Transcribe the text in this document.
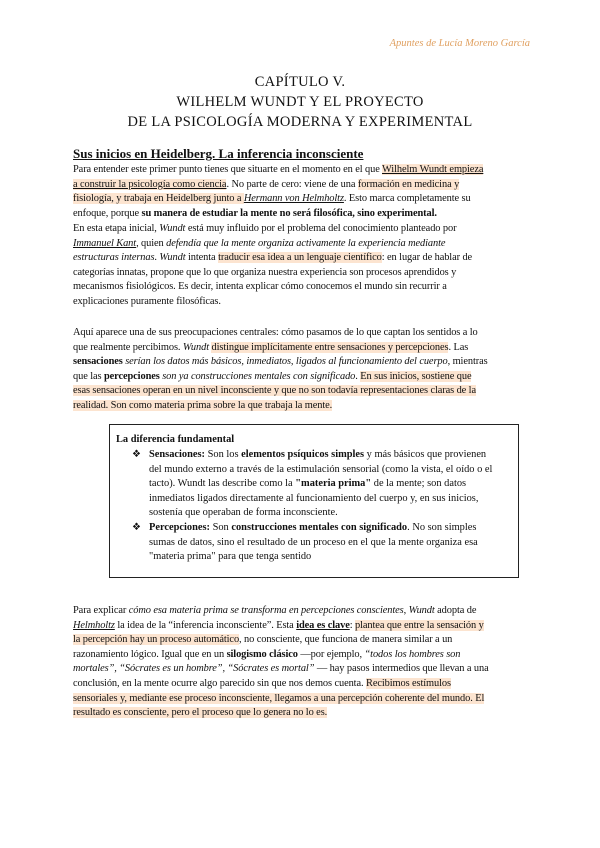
Apuntes de Lucía Moreno García
CAPÍTULO V.
WILHELM WUNDT Y EL PROYECTO
DE LA PSICOLOGÍA MODERNA Y EXPERIMENTAL
Sus inicios en Heidelberg. La inferencia inconsciente
Para entender este primer punto tienes que situarte en el momento en el que Wilhelm Wundt empieza
a construir la psicología como ciencia. No parte de cero: viene de una formación en medicina y
fisiología, y trabaja en Heidelberg junto a Hermann von Helmholtz. Esto marca completamente su
enfoque, porque su manera de estudiar la mente no será filosófica, sino experimental.
En esta etapa inicial, Wundt está muy influido por el problema del conocimiento planteado por
Immanuel Kant, quien defendía que la mente organiza activamente la experiencia mediante
estructuras internas. Wundt intenta traducir esa idea a un lenguaje científico: en lugar de hablar de
categorías innatas, propone que lo que organiza nuestra experiencia son procesos aprendidos y
mecanismos fisiológicos. Es decir, intenta explicar cómo conocemos el mundo sin recurrir a
explicaciones puramente filosóficas.
Aquí aparece una de sus preocupaciones centrales: cómo pasamos de lo que captan los sentidos a lo
que realmente percibimos. Wundt distingue implícitamente entre sensaciones y percepciones. Las
sensaciones serían los datos más básicos, inmediatos, ligados al funcionamiento del cuerpo, mientras
que las percepciones son ya construcciones mentales con significado. En sus inicios, sostiene que
esas sensaciones operan en un nivel inconsciente y que no son todavía representaciones claras de la
realidad. Son como materia prima sobre la que trabaja la mente.
La diferencia fundamental
❖ Sensaciones: Son los elementos psíquicos simples y más básicos que provienen
del mundo externo a través de la estimulación sensorial (como la vista, el oído o el
tacto). Wundt las describe como la "materia prima" de la mente; son datos
inmediatos ligados directamente al funcionamiento del cuerpo y, en sus inicios,
sostenía que operaban de forma inconsciente.
❖ Percepciones: Son construcciones mentales con significado. No son simples
sumas de datos, sino el resultado de un proceso en el que la mente organiza esa
"materia prima" para que tenga sentido
Para explicar cómo esa materia prima se transforma en percepciones conscientes, Wundt adopta de
Helmholtz la idea de la “inferencia inconsciente”. Esta idea es clave: plantea que entre la sensación y
la percepción hay un proceso automático, no consciente, que funciona de manera similar a un
razonamiento lógico. Igual que en un silogismo clásico —por ejemplo, “todos los hombres son
mortales”, “Sócrates es un hombre”, “Sócrates es mortal” — hay pasos intermedios que llevan a una
conclusión, en la mente ocurre algo parecido sin que nos demos cuenta. Recibimos estímulos
sensoriales y, mediante ese proceso inconsciente, llegamos a una percepción coherente del mundo. El
resultado es consciente, pero el proceso que lo genera no lo es.
